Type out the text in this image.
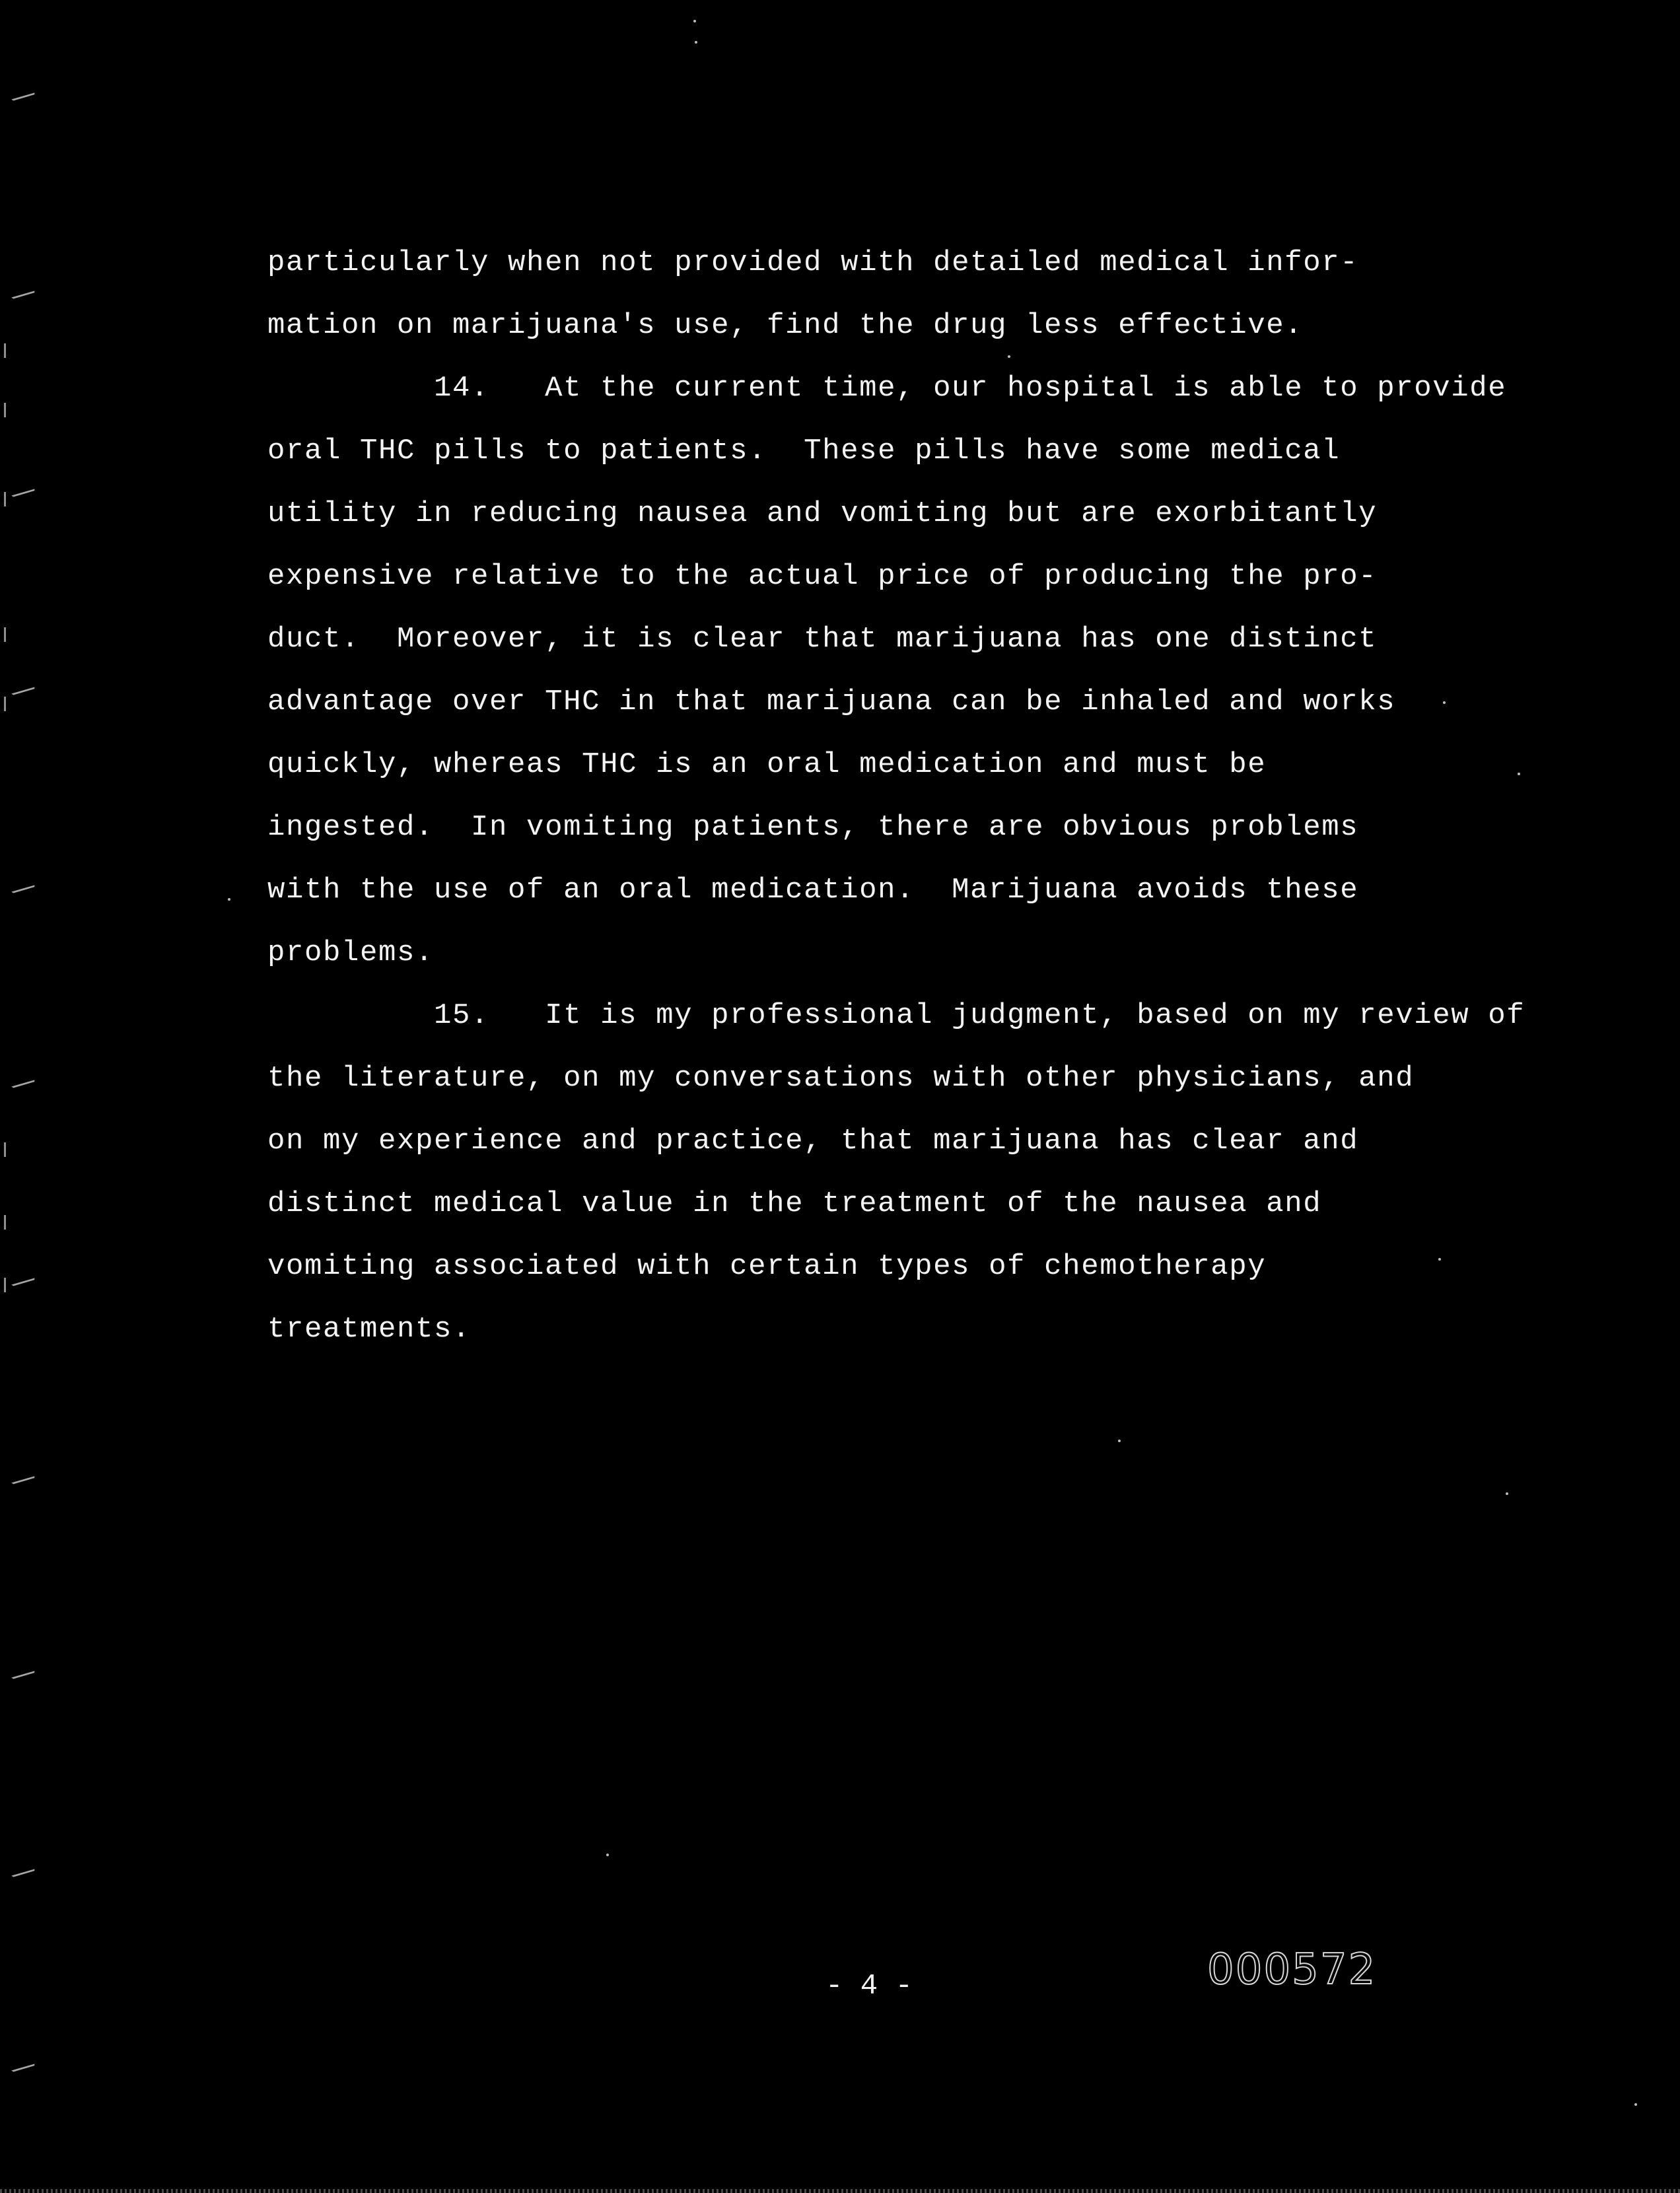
particularly when not provided with detailed medical infor-
mation on marijuana's use, find the drug less effective.
14.   At the current time, our hospital is able to provide
oral THC pills to patients.  These pills have some medical
utility in reducing nausea and vomiting but are exorbitantly
expensive relative to the actual price of producing the pro-
duct.  Moreover, it is clear that marijuana has one distinct
advantage over THC in that marijuana can be inhaled and works
quickly, whereas THC is an oral medication and must be
ingested.  In vomiting patients, there are obvious problems
with the use of an oral medication.  Marijuana avoids these
problems.
15.   It is my professional judgment, based on my review of
the literature, on my conversations with other physicians, and
on my experience and practice, that marijuana has clear and
distinct medical value in the treatment of the nausea and
vomiting associated with certain types of chemotherapy
treatments.
- 4 -	000572
